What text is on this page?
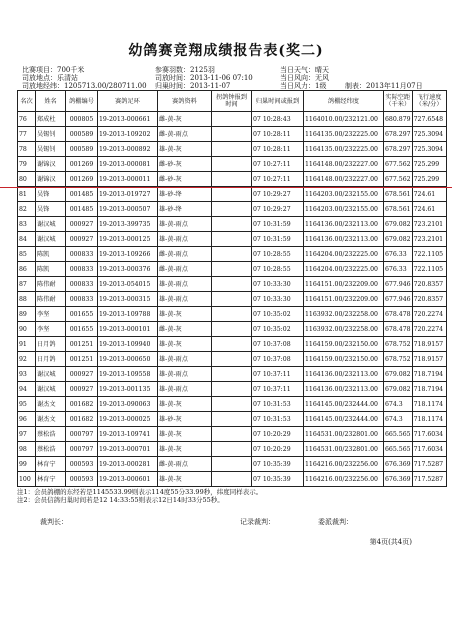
幼鸽赛竞翔成绩报告表(奖二)
比赛项目：700千米	参赛羽数：2125羽	当日天气：晴天
司放地点：乐清站	司放时间：2013-11-06 07:10	当日风向：无风
司放地经纬：1205713.00/280711.00 归巢时间：2013-11-07	当日风力：1级	制表：2013年11月07日
名次	姓名	鸽棚编号	赛鸽足环	赛鸽资料	拐鸽钟报到时间	归巢时间或报到	鸽棚经纬度	实际空距（千米）	飞行速度（米/分）
76	郑成杜	000805	19-2013-000661	雌-黄-灰		07 10:28:43	1164010.00/232121.00	680.879	727.6548
77	吴锡钊	000589	19-2013-109202	雌-黄-雨点		07 10:28:11	1164135.00/232225.00	678.297	725.3094
78	吴锡钊	000589	19-2013-000892	雄-黄-灰		07 10:28:11	1164135.00/232225.00	678.297	725.3094
79	谢锦汉	001269	19-2013-000081	雌-砂-灰		07 10:27:11	1164148.00/232227.00	677.562	725.299
80	谢锦汉	001269	19-2013-000011	雌-砂-灰		07 10:27:11	1164148.00/232227.00	677.562	725.299
81	吴锋	001485	19-2013-019727	雄-砂-绛		07 10:29:27	1164203.00/232155.00	678.561	724.61
82	吴锋	001485	19-2013-000507	雄-砂-绛		07 10:29:27	1164203.00/232155.00	678.561	724.61
83	谢汉城	000927	19-2013-399735	雄-黄-雨点		07 10:31:59	1164136.00/232113.00	679.082	723.2101
84	谢汉城	000927	19-2013-000125	雄-黄-雨点		07 10:31:59	1164136.00/232113.00	679.082	723.2101
85	陈凯	000833	19-2013-109266	雌-黄-雨点		07 10:28:55	1164204.00/232225.00	676.33	722.1105
86	陈凯	000833	19-2013-000376	雌-黄-雨点		07 10:28:55	1164204.00/232225.00	676.33	722.1105
87	陈伟耐	000833	19-2013-054015	雄-黄-雨点		07 10:33:30	1164151.00/232209.00	677.946	720.8357
88	陈伟耐	000833	19-2013-000315	雄-黄-雨点		07 10:33:30	1164151.00/232209.00	677.946	720.8357
89	李坚	001655	19-2013-109788	雄-黄-灰		07 10:35:02	1163932.00/232258.00	678.478	720.2274
90	李坚	001655	19-2013-000101	雌-黄-灰		07 10:35:02	1163932.00/232258.00	678.478	720.2274
91	日月鸽	001251	19-2013-109940	雄-黄-灰		07 10:37:08	1164159.00/232150.00	678.752	718.9157
92	日月鸽	001251	19-2013-000650	雄-黄-雨点		07 10:37:08	1164159.00/232150.00	678.752	718.9157
93	谢汉城	000927	19-2013-109558	雄-黄-雨点		07 10:37:11	1164136.00/232113.00	679.082	718.7194
94	谢汉城	000927	19-2013-001135	雄-黄-雨点		07 10:37:11	1164136.00/232113.00	679.082	718.7194
95	谢杰文	001682	19-2013-090063	雄-黄-灰		07 10:31:53	1164145.00/232444.00	674.3	718.1174
96	谢杰文	001682	19-2013-000025	雄-砂-灰		07 10:31:53	1164145.00/232444.00	674.3	718.1174
97	蔡松浩	000797	19-2013-109741	雄-黄-灰		07 10:20:29	1164531.00/232801.00	665.565	717.6034
98	蔡松浩	000797	19-2013-000701	雄-黄-灰		07 10:20:29	1164531.00/232801.00	665.565	717.6034
99	林育宁	000593	19-2013-000281	雌-黄-雨点		07 10:35:39	1164216.00/232256.00	676.369	717.5287
100	林育宁	000593	19-2013-000601	雄-黄-灰		07 10:35:39	1164216.00/232256.00	676.369	717.5287
注1：会员鸽棚的东经若是1145533.99则表示114度55分33.99秒，纬度同样表示。
注2：会员信鸽归巢时间若是12 14:33:55则表示12日14时33分55秒。
裁判长：	记录裁判：	委派裁判：
第4页(共4页)
